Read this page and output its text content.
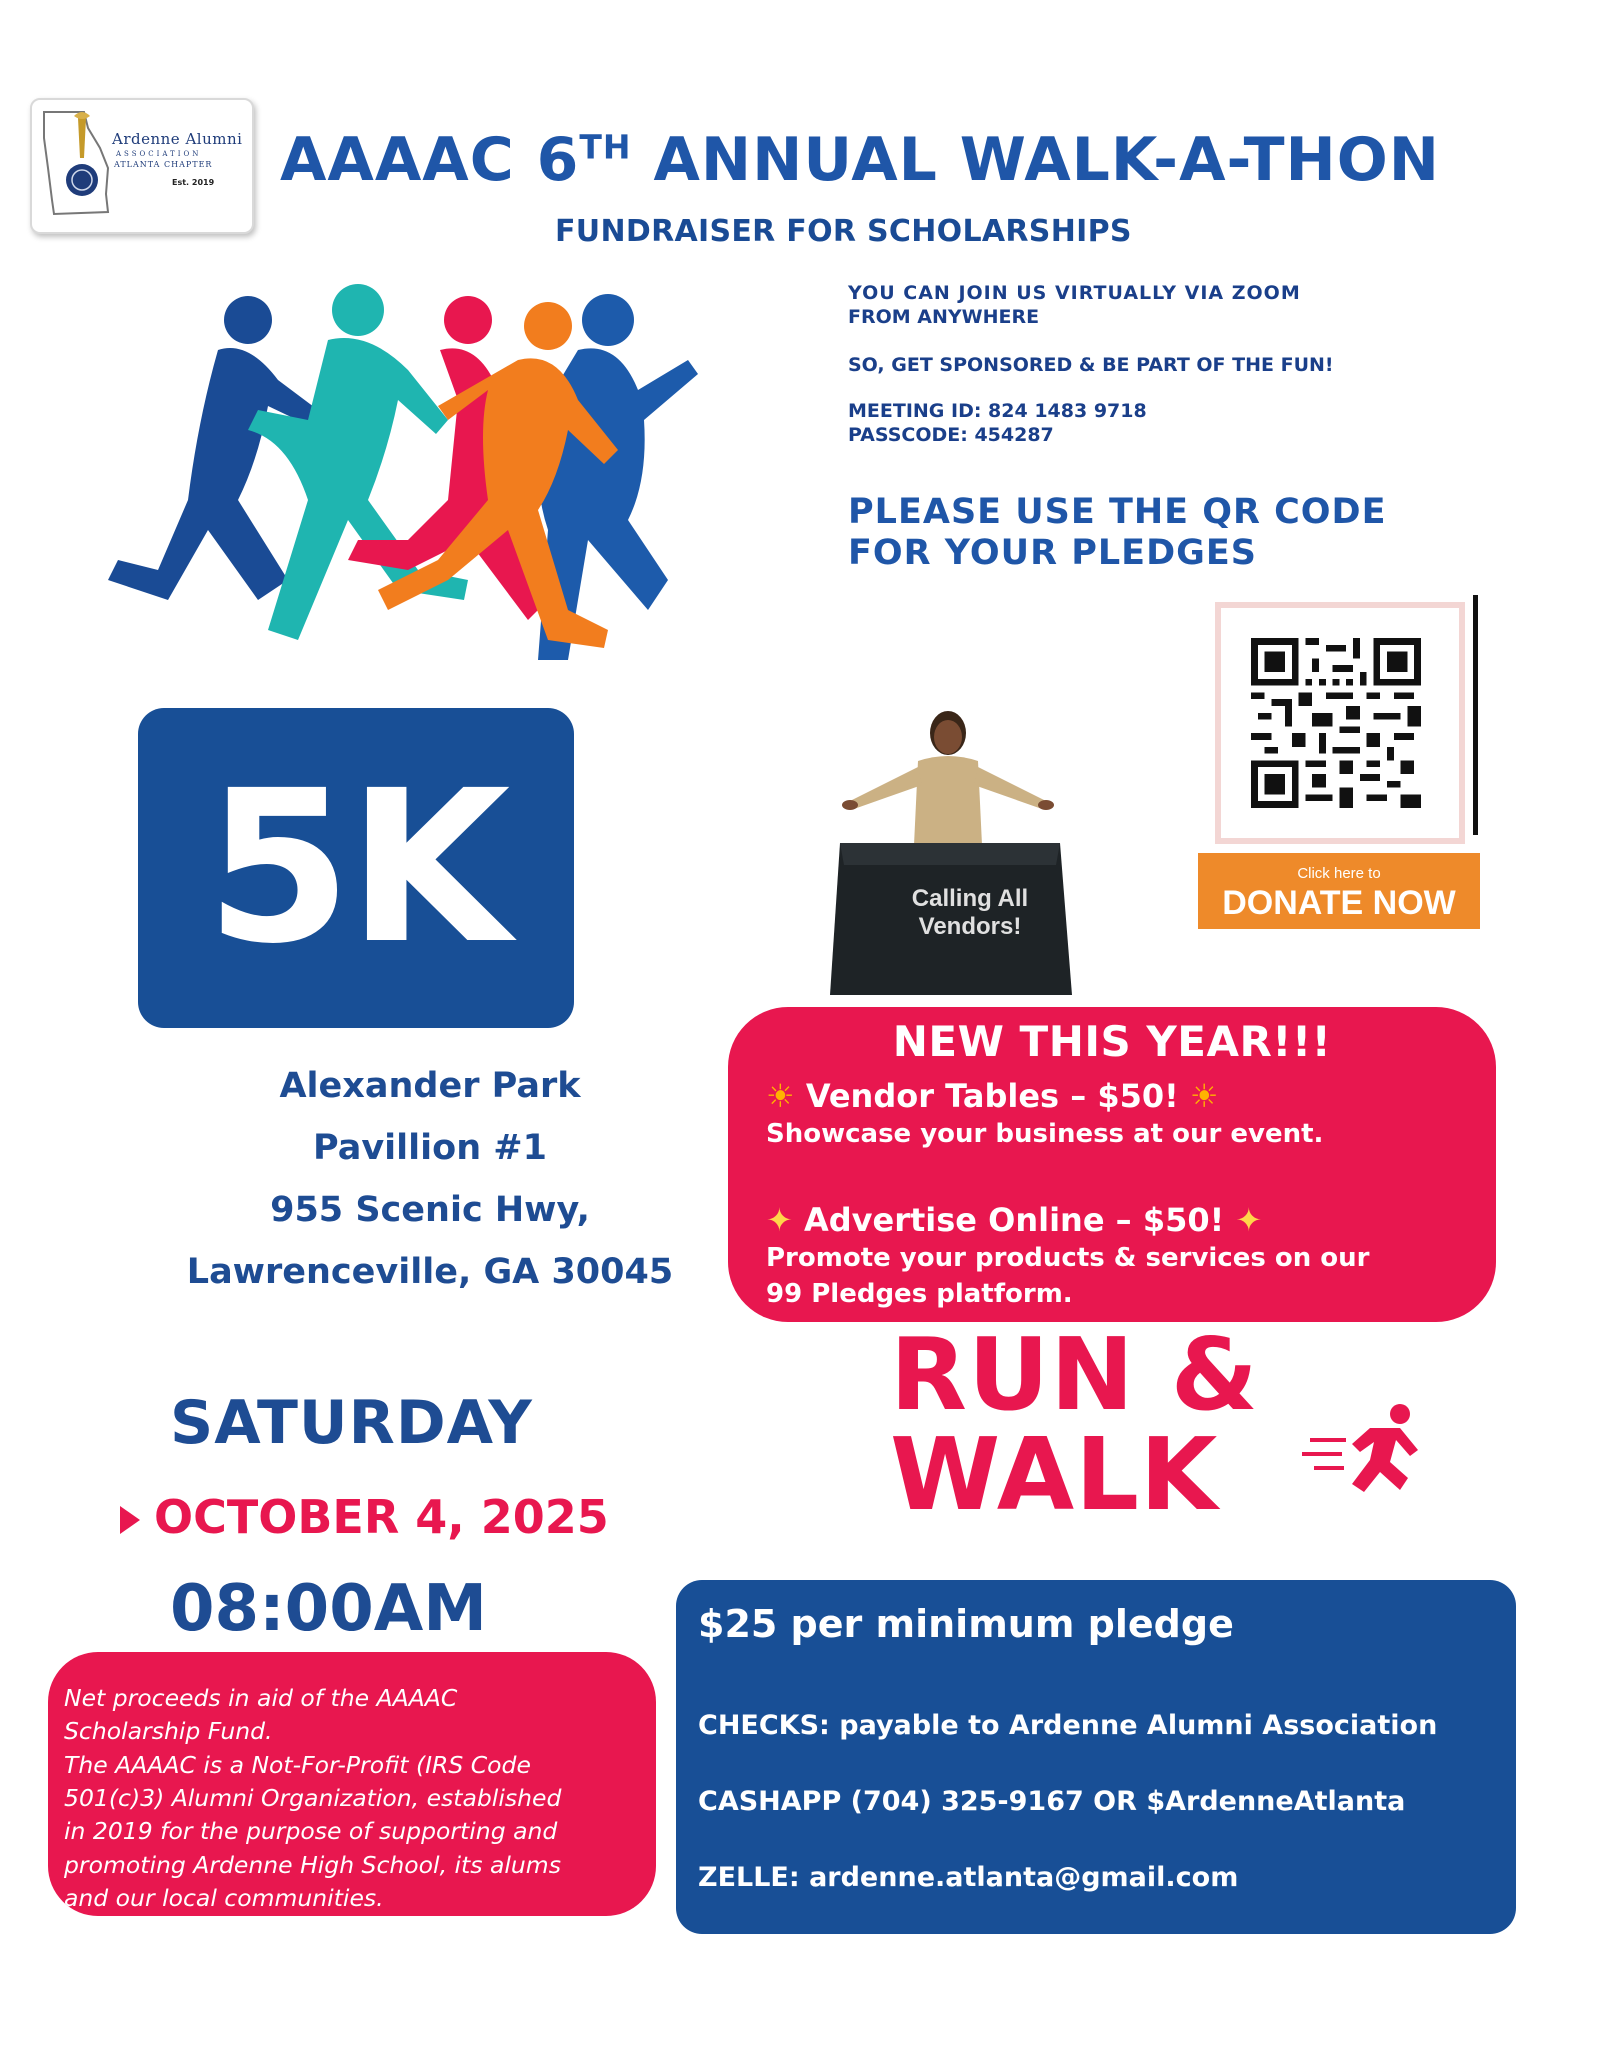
Ardenne Alumni
ASSOCIATION
ATLANTA CHAPTER
Est. 2019 AAAAC 6TH ANNUAL WALK-A-THON
FUNDRAISER FOR SCHOLARSHIPS
YOU CAN JOIN US VIRTUALLY VIA ZOOM
FROM ANYWHERE
SO, GET SPONSORED & BE PART OF THE FUN!
MEETING ID: 824 1483 9718
PASSCODE: 454287
PLEASE USE THE QR CODE
FOR YOUR PLEDGES
Click here to
DONATE NOW
5K
Alexander Park
Pavillion #1
955 Scenic Hwy,
Lawrenceville, GA 30045
SATURDAY
OCTOBER 4, 2025
08:00AM
Net proceeds in aid of the AAAAC
Scholarship Fund.
The AAAAC is a Not-For-Profit (IRS Code
501(c)3) Alumni Organization, established
in 2019 for the purpose of supporting and
promoting Ardenne High School, its alums
and our local communities.
Calling All
Vendors!
NEW THIS YEAR!!!
☀ Vendor Tables – $50! ☀
Showcase your business at our event.
✦ Advertise Online – $50! ✦
Promote your products & services on our
99 Pledges platform.
RUN &
WALK
$25 per minimum pledge
CHECKS: payable to Ardenne Alumni Association
CASHAPP (704) 325-9167 OR $ArdenneAtlanta
ZELLE: ardenne.atlanta@gmail.com
